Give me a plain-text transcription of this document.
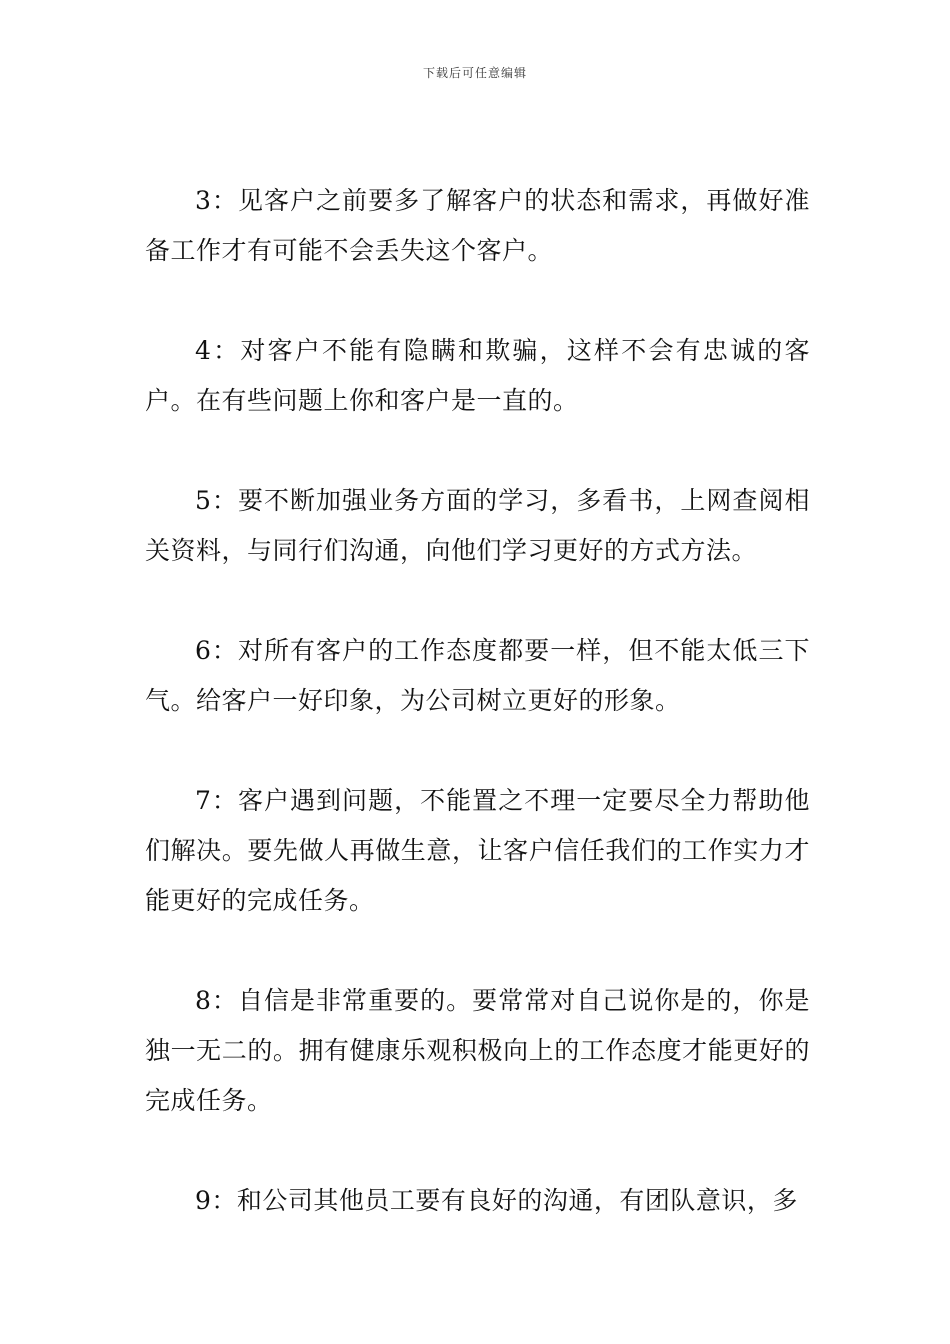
下载后可任意编辑

3：见客户之前要多了解客户的状态和需求，再做好准备工作才有可能不会丢失这个客户。

4：对客户不能有隐瞒和欺骗，这样不会有忠诚的客户。在有些问题上你和客户是一直的。

5：要不断加强业务方面的学习，多看书，上网查阅相关资料，与同行们沟通，向他们学习更好的方式方法。

6：对所有客户的工作态度都要一样，但不能太低三下气。给客户一好印象，为公司树立更好的形象。

7：客户遇到问题，不能置之不理一定要尽全力帮助他们解决。要先做人再做生意，让客户信任我们的工作实力才能更好的完成任务。

8：自信是非常重要的。要常常对自己说你是的，你是独一无二的。拥有健康乐观积极向上的工作态度才能更好的完成任务。

9：和公司其他员工要有良好的沟通，有团队意识，多
